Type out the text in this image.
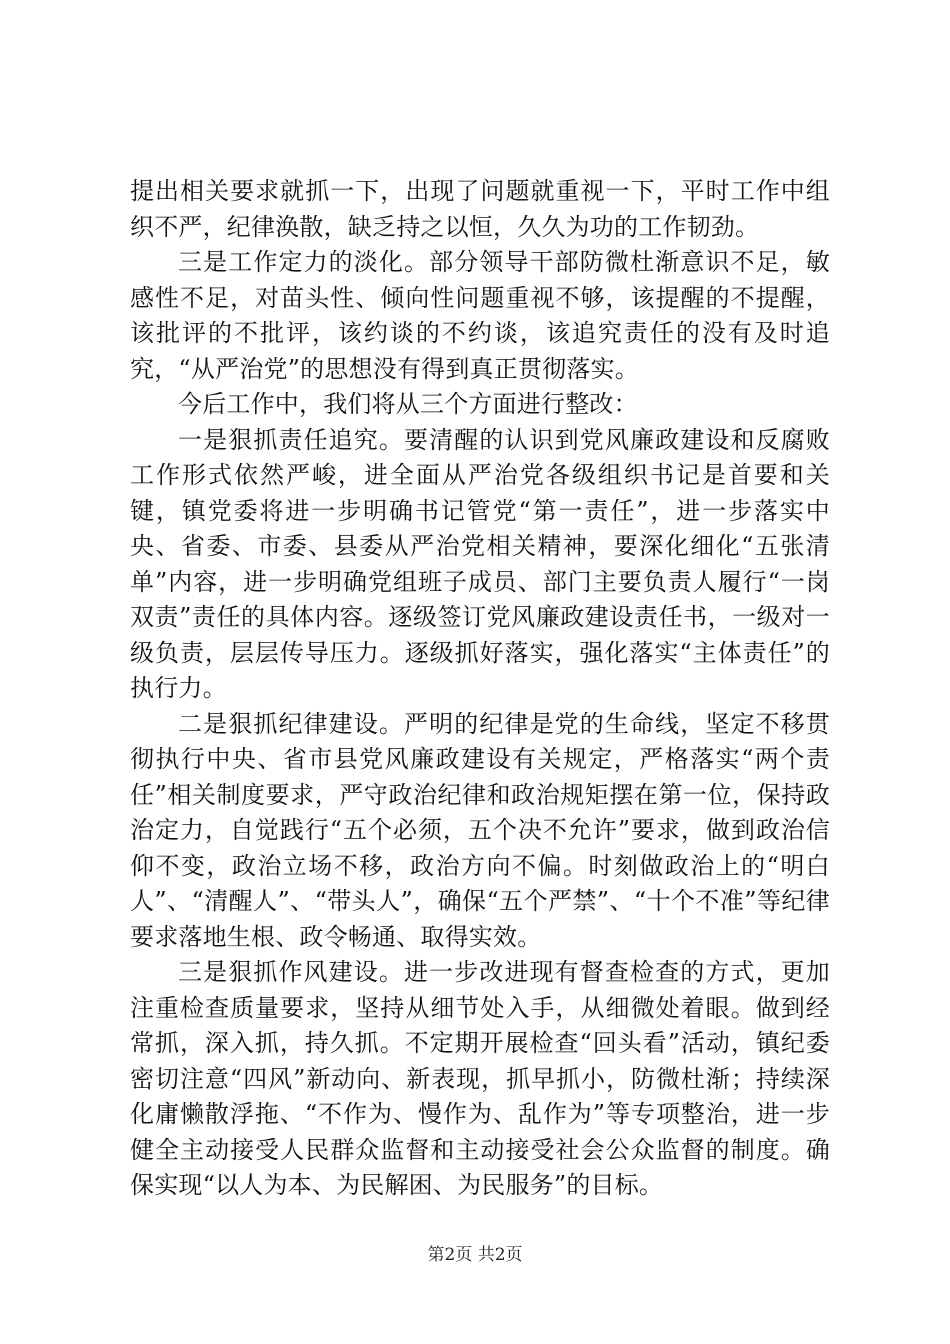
提出相关要求就抓一下，出现了问题就重视一下，平时工作中组织不严，纪律涣散，缺乏持之以恒，久久为功的工作韧劲。

三是工作定力的淡化。部分领导干部防微杜渐意识不足，敏感性不足，对苗头性、倾向性问题重视不够，该提醒的不提醒，该批评的不批评，该约谈的不约谈，该追究责任的没有及时追究，“从严治党”的思想没有得到真正贯彻落实。

今后工作中，我们将从三个方面进行整改：

一是狠抓责任追究。要清醒的认识到党风廉政建设和反腐败工作形式依然严峻，进全面从严治党各级组织书记是首要和关键，镇党委将进一步明确书记管党“第一责任”，进一步落实中央、省委、市委、县委从严治党相关精神，要深化细化“五张清单”内容，进一步明确党组班子成员、部门主要负责人履行“一岗双责”责任的具体内容。逐级签订党风廉政建设责任书，一级对一级负责，层层传导压力。逐级抓好落实，强化落实“主体责任”的执行力。

二是狠抓纪律建设。严明的纪律是党的生命线，坚定不移贯彻执行中央、省市县党风廉政建设有关规定，严格落实“两个责任”相关制度要求，严守政治纪律和政治规矩摆在第一位，保持政治定力，自觉践行“五个必须，五个决不允许”要求，做到政治信仰不变，政治立场不移，政治方向不偏。时刻做政治上的“明白人”、“清醒人”、“带头人”，确保“五个严禁”、“十个不准”等纪律要求落地生根、政令畅通、取得实效。

三是狠抓作风建设。进一步改进现有督查检查的方式，更加注重检查质量要求，坚持从细节处入手，从细微处着眼。做到经常抓，深入抓，持久抓。不定期开展检查“回头看”活动，镇纪委密切注意“四风”新动向、新表现，抓早抓小，防微杜渐；持续深化庸懒散浮拖、“不作为、慢作为、乱作为”等专项整治，进一步健全主动接受人民群众监督和主动接受社会公众监督的制度。确保实现“以人为本、为民解困、为民服务”的目标。

第2页 共2页
